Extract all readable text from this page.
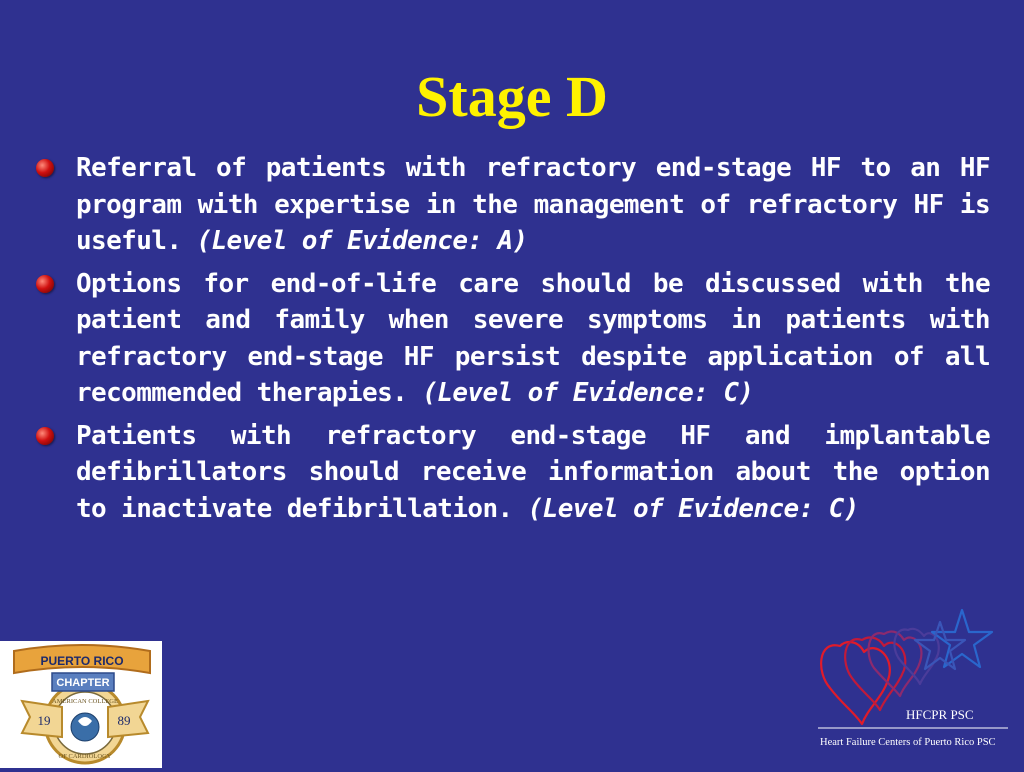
Stage D
Referral of patients with refractory end-stage HF to an HF program with expertise in the management of refractory HF is useful. (Level of Evidence: A)
Options for end-of-life care should be discussed with the patient and family when severe symptoms in patients with refractory end-stage HF persist despite application of all recommended therapies. (Level of Evidence: C)
Patients with refractory end-stage HF and implantable defibrillators should receive information about the option to inactivate defibrillation. (Level of Evidence: C)
AMERICAN COLLEGE
OF CARDIOLOGY
19	89
PUERTO RICO
CHAPTER
HFCPR PSC
Heart Failure Centers of Puerto Rico PSC
